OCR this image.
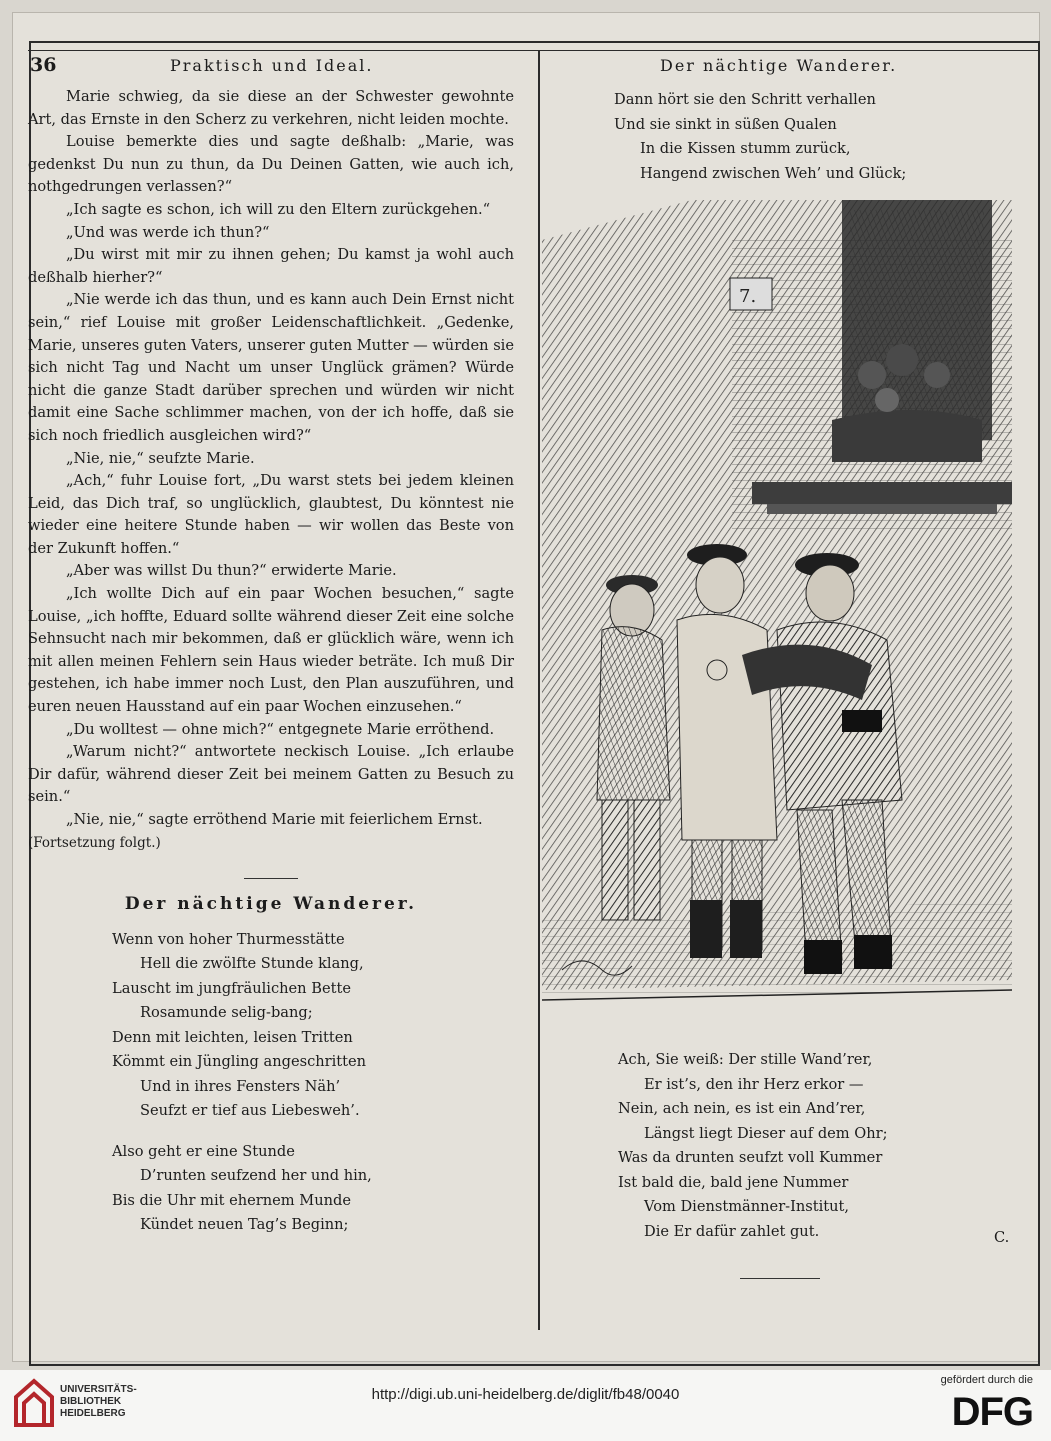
36	Praktisch und Ideal.	Der nächtige Wanderer.

Marie schwieg, da sie diese an der Schwester gewohnte Art, das Ernste in den Scherz zu verkehren, nicht leiden mochte.

Louise bemerkte dies und sagte deßhalb: „Marie, was gedenkst Du nun zu thun, da Du Deinen Gatten, wie auch ich, nothgedrungen verlassen?“

„Ich sagte es schon, ich will zu den Eltern zurückgehen.“

„Und was werde ich thun?“

„Du wirst mit mir zu ihnen gehen; Du kamst ja wohl auch deßhalb hierher?“

„Nie werde ich das thun, und es kann auch Dein Ernst nicht sein,“ rief Louise mit großer Leidenschaftlichkeit. „Gedenke, Marie, unseres guten Vaters, unserer guten Mutter — würden sie sich nicht Tag und Nacht um unser Unglück grämen? Würde nicht die ganze Stadt darüber sprechen und würden wir nicht damit eine Sache schlimmer machen, von der ich hoffe, daß sie sich noch friedlich ausgleichen wird?“

„Nie, nie,“ seufzte Marie.

„Ach,“ fuhr Louise fort, „Du warst stets bei jedem kleinen Leid, das Dich traf, so unglücklich, glaubtest, Du könntest nie wieder eine heitere Stunde haben — wir wollen das Beste von der Zukunft hoffen.“

„Aber was willst Du thun?“ erwiderte Marie.

„Ich wollte Dich auf ein paar Wochen besuchen,“ sagte Louise, „ich hoffte, Eduard sollte während dieser Zeit eine solche Sehnsucht nach mir bekommen, daß er glücklich wäre, wenn ich mit allen meinen Fehlern sein Haus wieder beträte. Ich muß Dir gestehen, ich habe immer noch Lust, den Plan auszuführen, und euren neuen Hausstand auf ein paar Wochen einzusehen.“

„Du wolltest — ohne mich?“ entgegnete Marie erröthend.

„Warum nicht?“ antwortete neckisch Louise. „Ich erlaube Dir dafür, während dieser Zeit bei meinem Gatten zu Besuch zu sein.“

„Nie, nie,“ sagte erröthend Marie mit feierlichem Ernst.

(Fortsetzung folgt.)

Der nächtige Wanderer.
Wenn von hoher Thurmesstätte
Hell die zwölfte Stunde klang,
Lauscht im jungfräulichen Bette
Rosamunde selig-bang;
Denn mit leichten, leisen Tritten
Kömmt ein Jüngling angeschritten
Und in ihres Fensters Näh’
Seufzt er tief aus Liebesweh’.
Also geht er eine Stunde
D’runten seufzend her und hin,
Bis die Uhr mit ehernem Munde
Kündet neuen Tag’s Beginn;
Dann hört sie den Schritt verhallen
Und sie sinkt in süßen Qualen
In die Kissen stumm zurück,
Hangend zwischen Weh’ und Glück;
7.
Ach, Sie weiß: Der stille Wand’rer,
Er ist’s, den ihr Herz erkor —
Nein, ach nein, es ist ein And’rer,
Längst liegt Dieser auf dem Ohr;
Was da drunten seufzt voll Kummer
Ist bald die, bald jene Nummer
Vom Dienstmänner-Institut,
Die Er dafür zahlet gut.	C.
UNIVERSITÄTS-
BIBLIOTHEK
HEIDELBERG
http://digi.ub.uni-heidelberg.de/diglit/fb48/0040
gefördert durch die
DFG
